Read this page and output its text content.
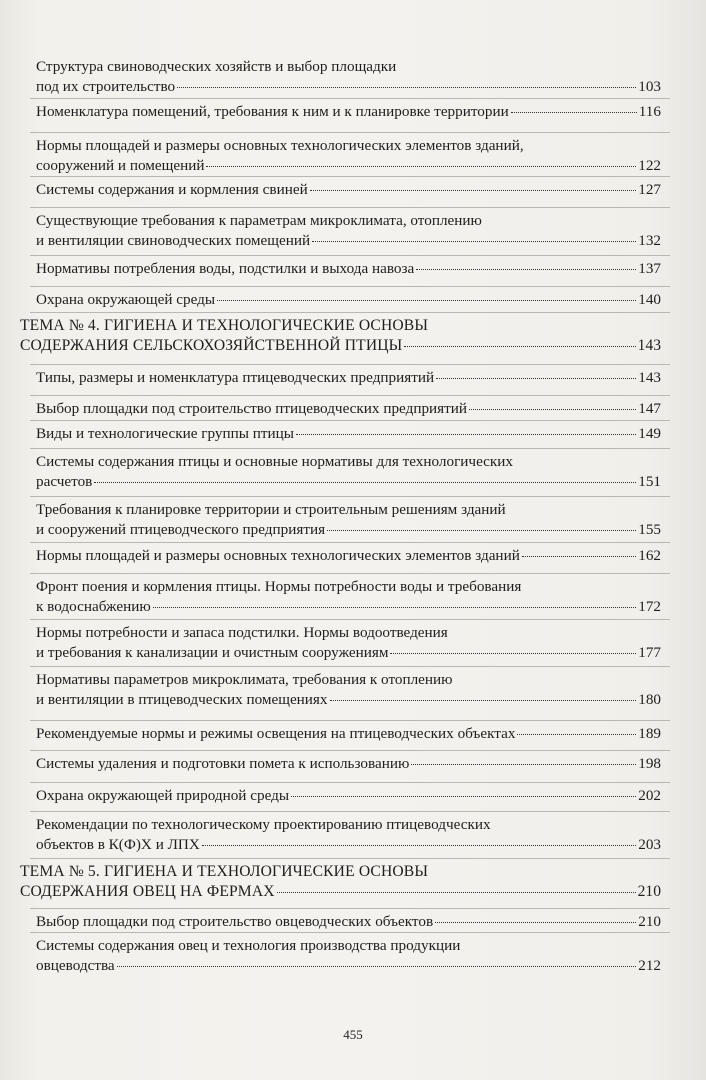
Структура свиноводческих хозяйств и выбор площадки
под их строительство	103
Номенклатура помещений, требования к ним и к планировке территории	116
Нормы площадей и размеры основных технологических элементов зданий,
сооружений и помещений	122
Системы содержания и кормления свиней	127
Существующие требования к параметрам микроклимата, отоплению
и вентиляции свиноводческих помещений	132
Нормативы потребления воды, подстилки и выхода навоза	137
Охрана окружающей среды	140
ТЕМА № 4. ГИГИЕНА И ТЕХНОЛОГИЧЕСКИЕ ОСНОВЫ
СОДЕРЖАНИЯ СЕЛЬСКОХОЗЯЙСТВЕННОЙ ПТИЦЫ	143
Типы, размеры и номенклатура птицеводческих предприятий	143
Выбор площадки под строительство птицеводческих предприятий	147
Виды и технологические группы птицы	149
Системы содержания птицы и основные нормативы для технологических
расчетов	151
Требования к планировке территории и строительным решениям зданий
и сооружений птицеводческого предприятия	155
Нормы площадей и размеры основных технологических элементов зданий	162
Фронт поения и кормления птицы. Нормы потребности воды и требования
к водоснабжению	172
Нормы потребности и запаса подстилки. Нормы водоотведения
и требования к канализации и очистным сооружениям	177
Нормативы параметров микроклимата, требования к отоплению
и вентиляции в птицеводческих помещениях	180
Рекомендуемые нормы и режимы освещения на птицеводческих объектах	189
Системы удаления и подготовки помета к использованию	198
Охрана окружающей природной среды	202
Рекомендации по технологическому проектированию птицеводческих
объектов в К(Ф)Х и ЛПХ	203
ТЕМА № 5. ГИГИЕНА И ТЕХНОЛОГИЧЕСКИЕ ОСНОВЫ
СОДЕРЖАНИЯ ОВЕЦ НА ФЕРМАХ	210
Выбор площадки под строительство овцеводческих объектов	210
Системы содержания овец и технология производства продукции
овцеводства	212
455
